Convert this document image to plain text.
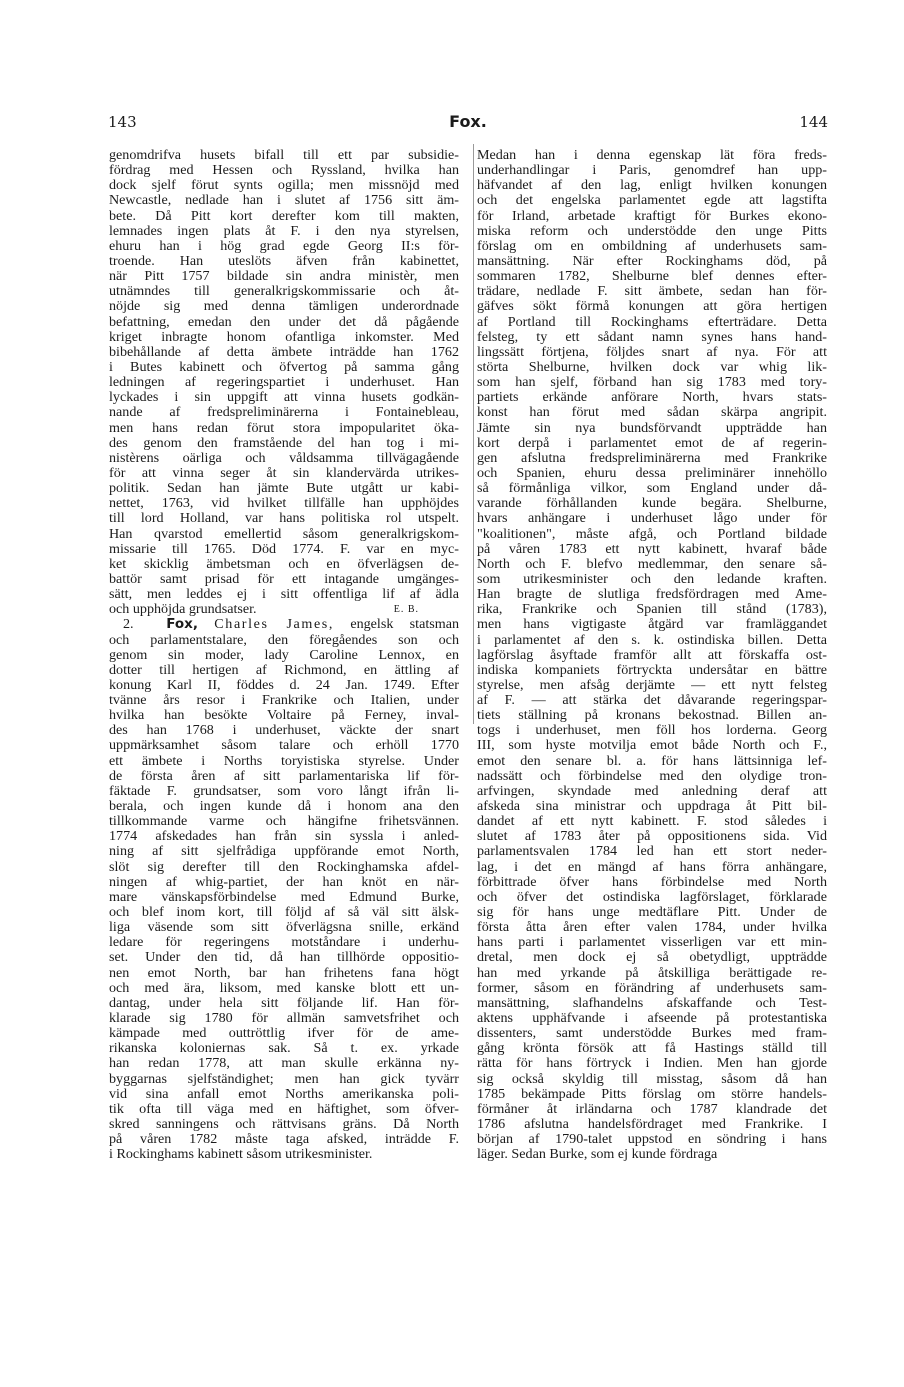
143	Fox.	144
genomdrifva husets bifall till ett par subsidie-
fördrag med Hessen och Ryssland, hvilka han
dock sjelf förut synts ogilla; men missnöjd med
Newcastle, nedlade han i slutet af 1756 sitt äm-
bete. Då Pitt kort derefter kom till makten,
lemnades ingen plats åt F. i den nya styrelsen,
ehuru han i hög grad egde Georg II:s för-
troende. Han uteslöts äfven från kabinettet,
när Pitt 1757 bildade sin andra ministèr, men
utnämndes till generalkrigskommissarie och åt-
nöjde sig med denna tämligen underordnade
befattning, emedan den under det då pågående
kriget inbragte honom ofantliga inkomster. Med
bibehållande af detta ämbete inträdde han 1762
i Butes kabinett och öfvertog på samma gång
ledningen af regeringspartiet i underhuset. Han
lyckades i sin uppgift att vinna husets godkän-
nande af fredspreliminärerna i Fontainebleau,
men hans redan förut stora impopularitet öka-
des genom den framstående del han tog i mi-
nistèrens oärliga och våldsamma tillvägagående
för att vinna seger åt sin klandervärda utrikes-
politik. Sedan han jämte Bute utgått ur kabi-
nettet, 1763, vid hvilket tillfälle han upphöjdes
till lord Holland, var hans politiska rol utspelt.
Han qvarstod emellertid såsom generalkrigskom-
missarie till 1765. Död 1774. F. var en myc-
ket skicklig ämbetsman och en öfverlägsen de-
battör samt prisad för ett intagande umgänges-
sätt, men leddes ej i sitt offentliga lif af ädla
och upphöjda grundsatser.	E. B.
2. Fox, Charles James, engelsk statsman
och parlamentstalare, den föregåendes son och
genom sin moder, lady Caroline Lennox, en
dotter till hertigen af Richmond, en ättling af
konung Karl II, föddes d. 24 Jan. 1749. Efter
tvänne års resor i Frankrike och Italien, under
hvilka han besökte Voltaire på Ferney, inval-
des han 1768 i underhuset, väckte der snart
uppmärksamhet såsom talare och erhöll 1770
ett ämbete i Norths toryistiska styrelse. Under
de första åren af sitt parlamentariska lif för-
fäktade F. grundsatser, som voro långt ifrån li-
berala, och ingen kunde då i honom ana den
tillkommande varme och hängifne frihetsvännen.
1774 afskedades han från sin syssla i anled-
ning af sitt sjelfrådiga uppförande emot North,
slöt sig derefter till den Rockinghamska afdel-
ningen af whig-partiet, der han knöt en när-
mare vänskapsförbindelse med Edmund Burke,
och blef inom kort, till följd af så väl sitt älsk-
liga väsende som sitt öfverlägsna snille, erkänd
ledare för regeringens motståndare i underhu-
set. Under den tid, då han tillhörde oppositio-
nen emot North, bar han frihetens fana högt
och med ära, liksom, med kanske blott ett un-
dantag, under hela sitt följande lif. Han för-
klarade sig 1780 för allmän samvetsfrihet och
kämpade med outtröttlig ifver för de ame-
rikanska koloniernas sak. Så t. ex. yrkade
han redan 1778, att man skulle erkänna ny-
byggarnas sjelfständighet; men han gick tyvärr
vid sina anfall emot Norths amerikanska poli-
tik ofta till väga med en häftighet, som öfver-
skred sanningens och rättvisans gräns. Då North
på våren 1782 måste taga afsked, inträdde F.
i Rockinghams kabinett såsom utrikesminister.
Medan han i denna egenskap lät föra freds-
underhandlingar i Paris, genomdref han upp-
häfvandet af den lag, enligt hvilken konungen
och det engelska parlamentet egde att lagstifta
för Irland, arbetade kraftigt för Burkes ekono-
miska reform och understödde den unge Pitts
förslag om en ombildning af underhusets sam-
mansättning. När efter Rockinghams död, på
sommaren 1782, Shelburne blef dennes efter-
trädare, nedlade F. sitt ämbete, sedan han för-
gäfves sökt förmå konungen att göra hertigen
af Portland till Rockinghams efterträdare. Detta
felsteg, ty ett sådant namn synes hans hand-
lingssätt förtjena, följdes snart af nya. För att
störta Shelburne, hvilken dock var whig lik-
som han sjelf, förband han sig 1783 med tory-
partiets erkände anförare North, hvars stats-
konst han förut med sådan skärpa angripit.
Jämte sin nya bundsförvandt uppträdde han
kort derpå i parlamentet emot de af regerin-
gen afslutna fredspreliminärerna med Frankrike
och Spanien, ehuru dessa preliminärer innehöllo
så förmånliga vilkor, som England under då-
varande förhållanden kunde begära. Shelburne,
hvars anhängare i underhuset lågo under för
"koalitionen", måste afgå, och Portland bildade
på våren 1783 ett nytt kabinett, hvaraf både
North och F. blefvo medlemmar, den senare så-
som utrikesminister och den ledande kraften.
Han bragte de slutliga fredsfördragen med Ame-
rika, Frankrike och Spanien till stånd (1783),
men hans vigtigaste åtgärd var framläggandet
i parlamentet af den s. k. ostindiska billen. Detta
lagförslag åsyftade framför allt att förskaffa ost-
indiska kompaniets förtryckta undersåtar en bättre
styrelse, men afsåg derjämte — ett nytt felsteg
af F. — att stärka det dåvarande regeringspar-
tiets ställning på kronans bekostnad. Billen an-
togs i underhuset, men föll hos lorderna. Georg
III, som hyste motvilja emot både North och F.,
emot den senare bl. a. för hans lättsinniga lef-
nadssätt och förbindelse med den olydige tron-
arfvingen, skyndade med anledning deraf att
afskeda sina ministrar och uppdraga åt Pitt bil-
dandet af ett nytt kabinett. F. stod således i
slutet af 1783 åter på oppositionens sida. Vid
parlamentsvalen 1784 led han ett stort neder-
lag, i det en mängd af hans förra anhängare,
förbittrade öfver hans förbindelse med North
och öfver det ostindiska lagförslaget, förklarade
sig för hans unge medtäflare Pitt. Under de
första åtta åren efter valen 1784, under hvilka
hans parti i parlamentet visserligen var ett min-
dretal, men dock ej så obetydligt, uppträdde
han med yrkande på åtskilliga berättigade re-
former, såsom en förändring af underhusets sam-
mansättning, slafhandelns afskaffande och Test-
aktens upphäfvande i afseende på protestantiska
dissenters, samt understödde Burkes med fram-
gång krönta försök att få Hastings ställd till
rätta för hans förtryck i Indien. Men han gjorde
sig också skyldig till misstag, såsom då han
1785 bekämpade Pitts förslag om större handels-
förmåner åt irländarna och 1787 klandrade det
1786 afslutna handelsfördraget med Frankrike. I
början af 1790-talet uppstod en söndring i hans
läger. Sedan Burke, som ej kunde fördraga
